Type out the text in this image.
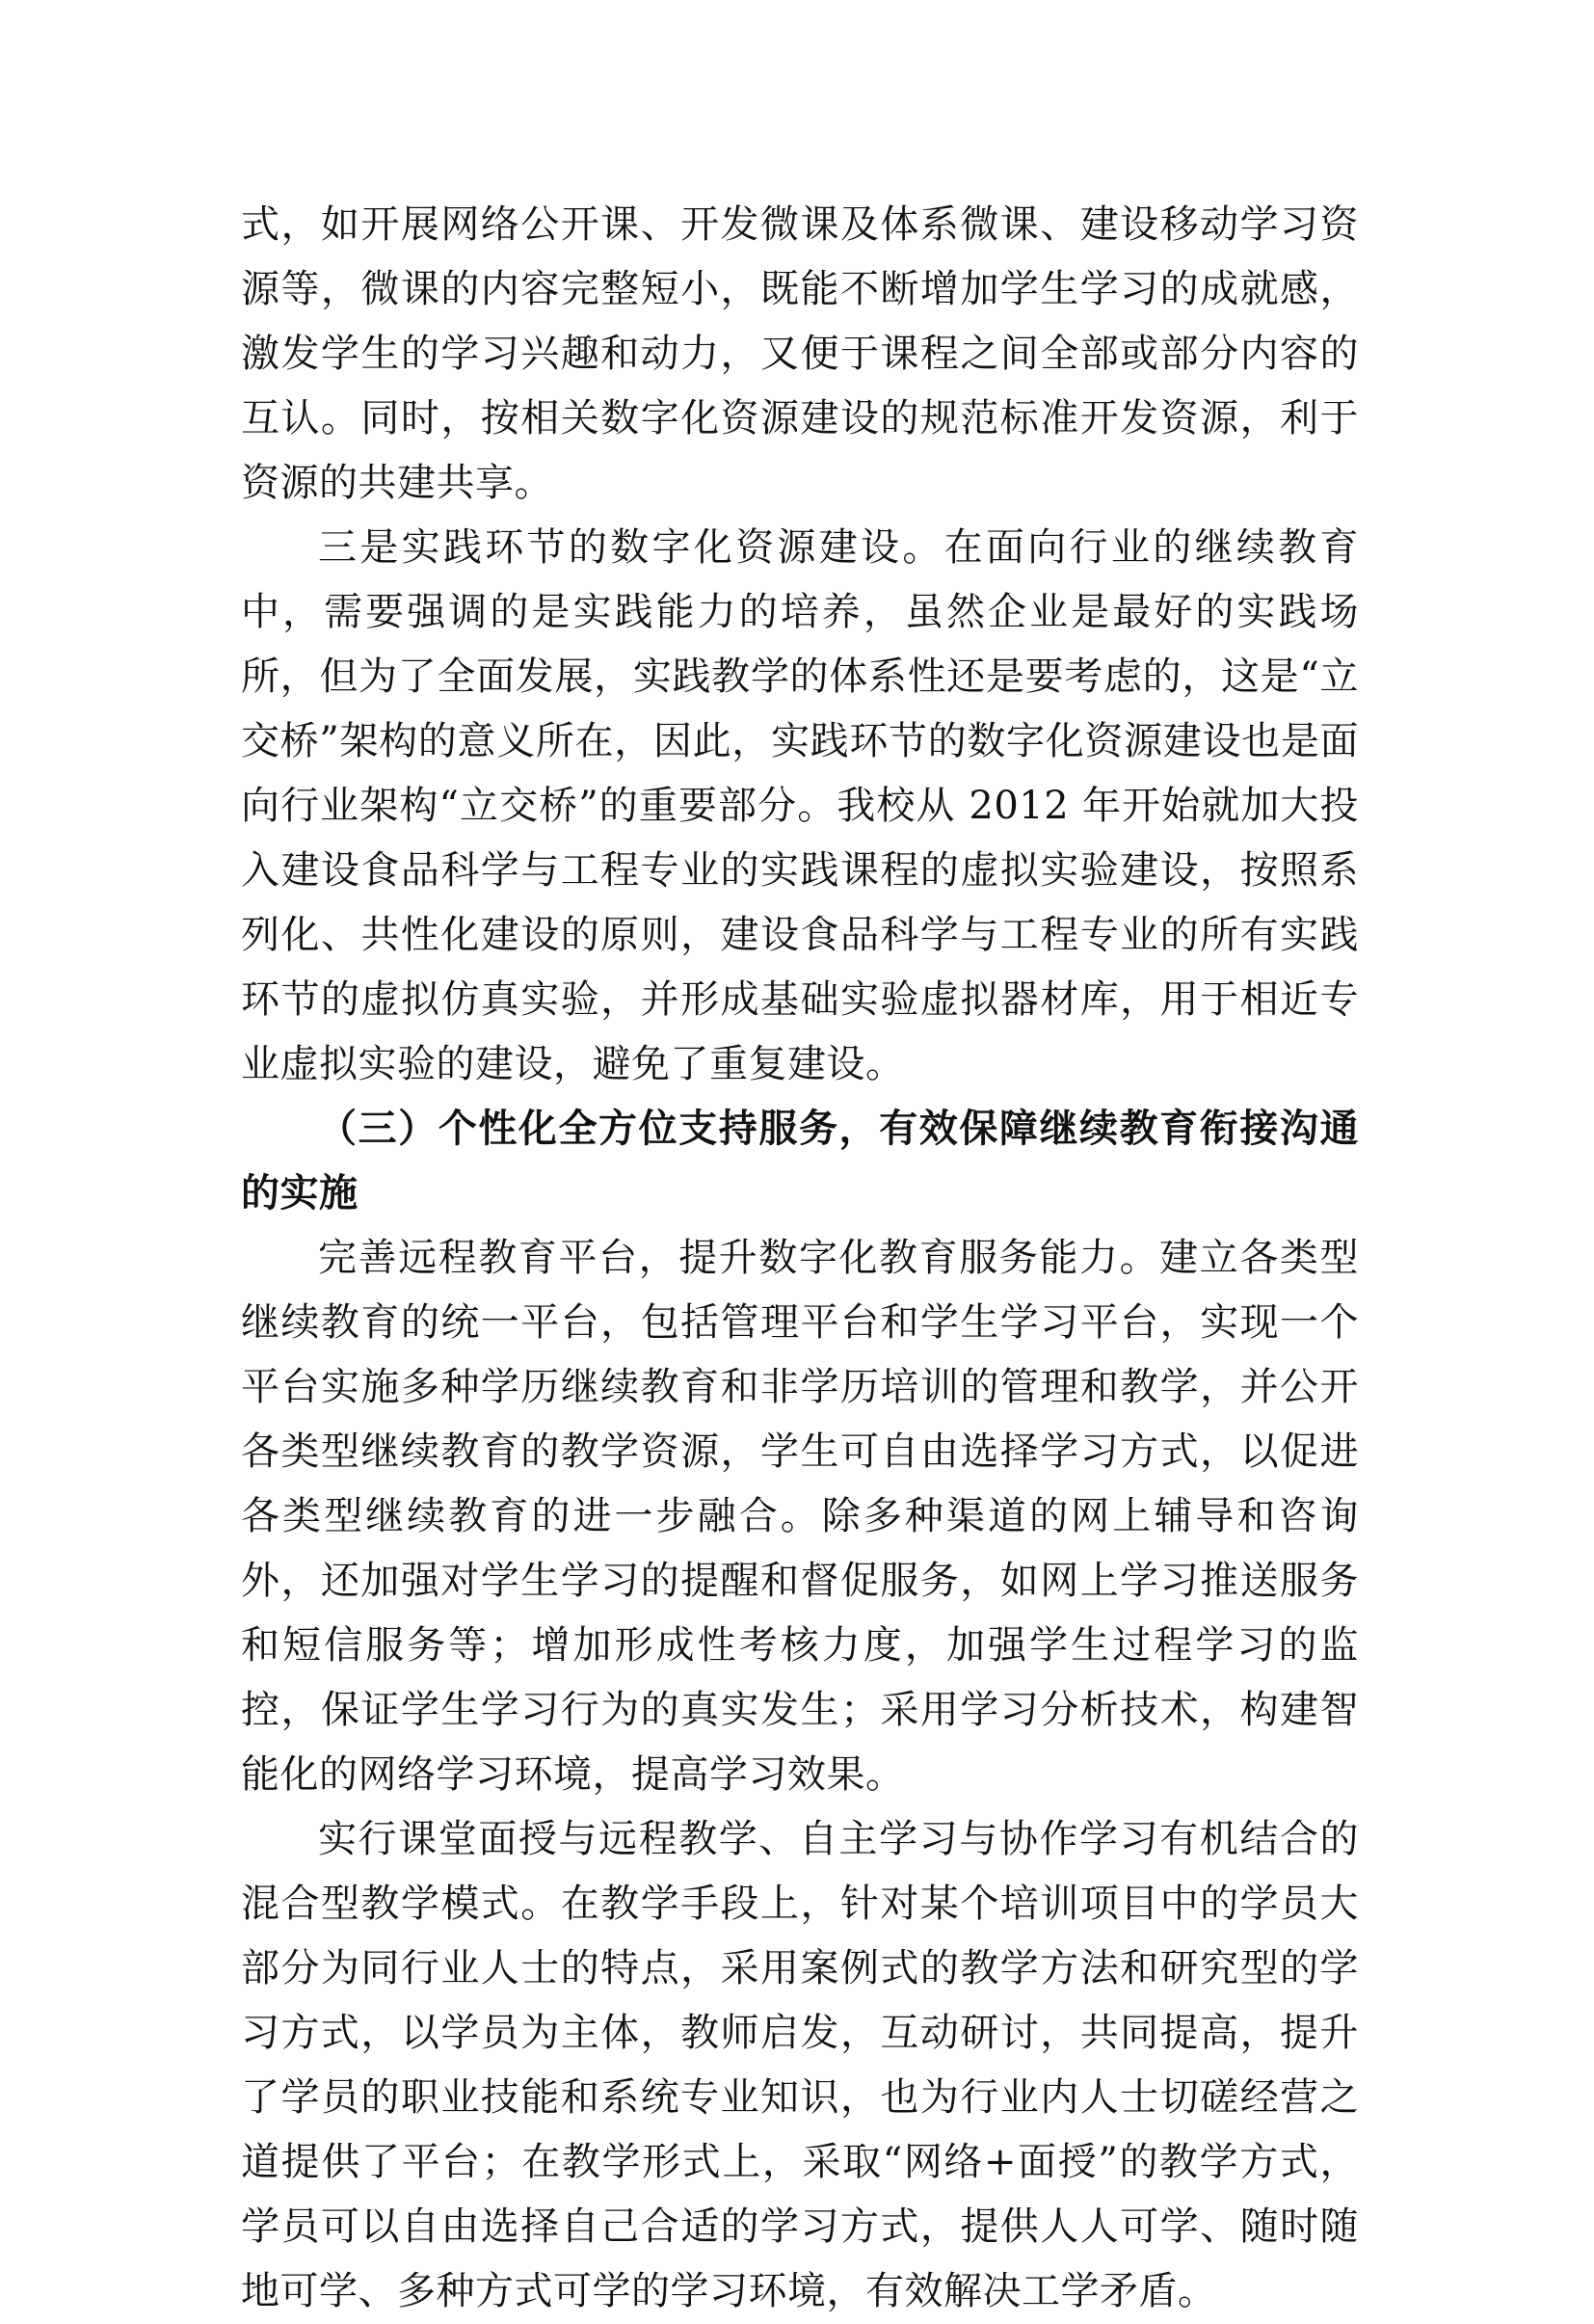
式，如开展网络公开课、开发微课及体系微课、建设移动学习资源等，微课的内容完整短小，既能不断增加学生学习的成就感，激发学生的学习兴趣和动力，又便于课程之间全部或部分内容的互认。同时，按相关数字化资源建设的规范标准开发资源，利于资源的共建共享。

三是实践环节的数字化资源建设。在面向行业的继续教育中，需要强调的是实践能力的培养，虽然企业是最好的实践场所，但为了全面发展，实践教学的体系性还是要考虑的，这是“立交桥”架构的意义所在，因此，实践环节的数字化资源建设也是面向行业架构“立交桥”的重要部分。我校从 2012 年开始就加大投入建设食品科学与工程专业的实践课程的虚拟实验建设，按照系列化、共性化建设的原则，建设食品科学与工程专业的所有实践环节的虚拟仿真实验，并形成基础实验虚拟器材库，用于相近专业虚拟实验的建设，避免了重复建设。

（三）个性化全方位支持服务，有效保障继续教育衔接沟通的实施

完善远程教育平台，提升数字化教育服务能力。建立各类型继续教育的统一平台，包括管理平台和学生学习平台，实现一个平台实施多种学历继续教育和非学历培训的管理和教学，并公开各类型继续教育的教学资源，学生可自由选择学习方式，以促进各类型继续教育的进一步融合。除多种渠道的网上辅导和咨询外，还加强对学生学习的提醒和督促服务，如网上学习推送服务和短信服务等；增加形成性考核力度，加强学生过程学习的监控，保证学生学习行为的真实发生；采用学习分析技术，构建智能化的网络学习环境，提高学习效果。

实行课堂面授与远程教学、自主学习与协作学习有机结合的混合型教学模式。在教学手段上，针对某个培训项目中的学员大部分为同行业人士的特点，采用案例式的教学方法和研究型的学习方式，以学员为主体，教师启发，互动研讨，共同提高，提升了学员的职业技能和系统专业知识，也为行业内人士切磋经营之道提供了平台；在教学形式上，采取“网络+面授”的教学方式，学员可以自由选择自己合适的学习方式，提供人人可学、随时随地可学、多种方式可学的学习环境，有效解决工学矛盾。
